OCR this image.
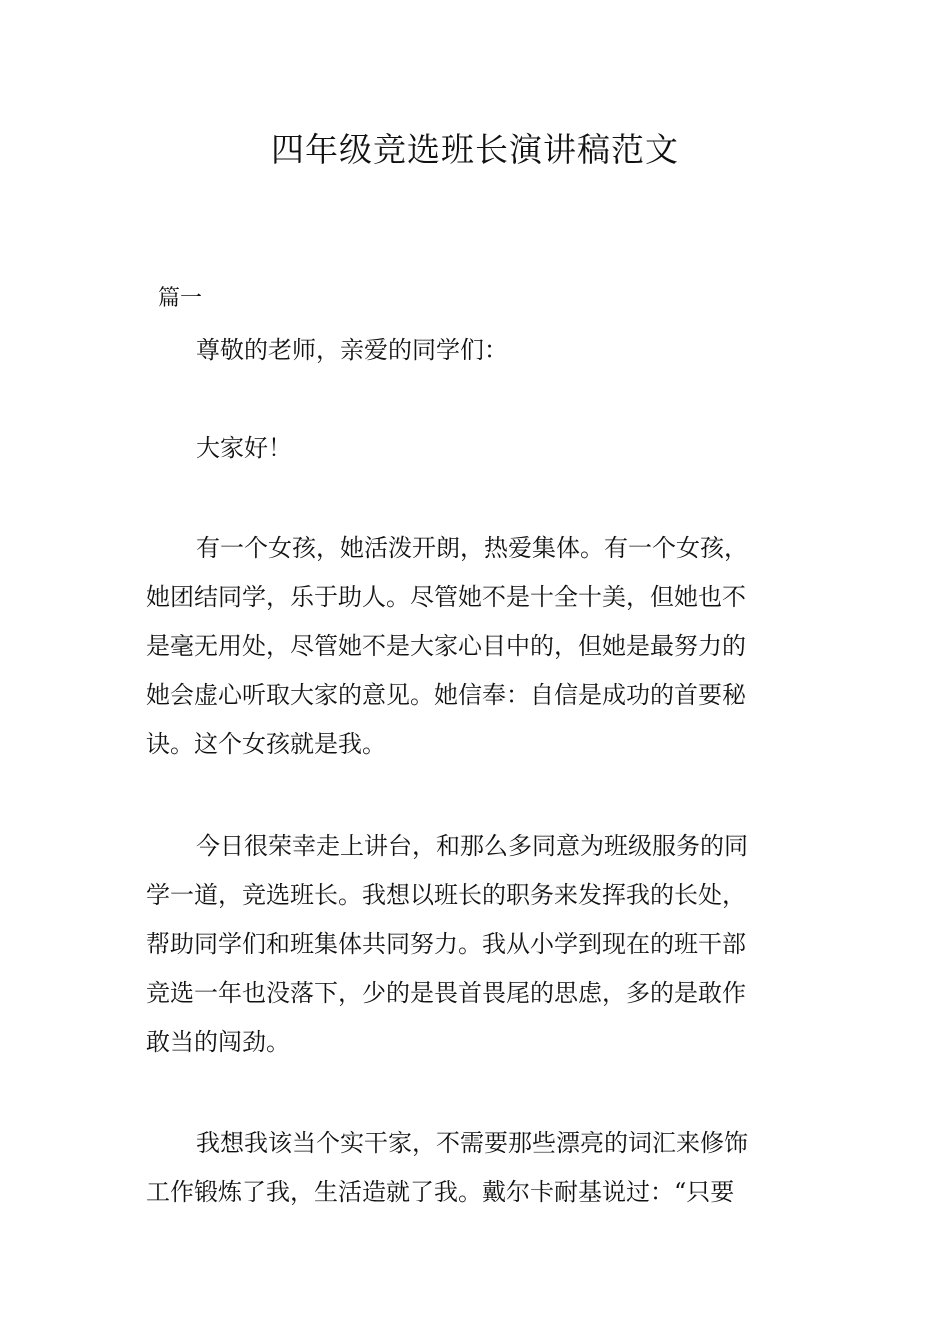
四年级竞选班长演讲稿范文
篇一
尊敬的老师，亲爱的同学们：
大家好！
有一个女孩，她活泼开朗，热爱集体。有一个女孩，
她团结同学，乐于助人。尽管她不是十全十美，但她也不
是毫无用处，尽管她不是大家心目中的，但她是最努力的
她会虚心听取大家的意见。她信奉：自信是成功的首要秘
诀。这个女孩就是我。
今日很荣幸走上讲台，和那么多同意为班级服务的同
学一道，竞选班长。我想以班长的职务来发挥我的长处，
帮助同学们和班集体共同努力。我从小学到现在的班干部
竞选一年也没落下，少的是畏首畏尾的思虑，多的是敢作
敢当的闯劲。
我想我该当个实干家，不需要那些漂亮的词汇来修饰
工作锻炼了我，生活造就了我。戴尔卡耐基说过：“只要
